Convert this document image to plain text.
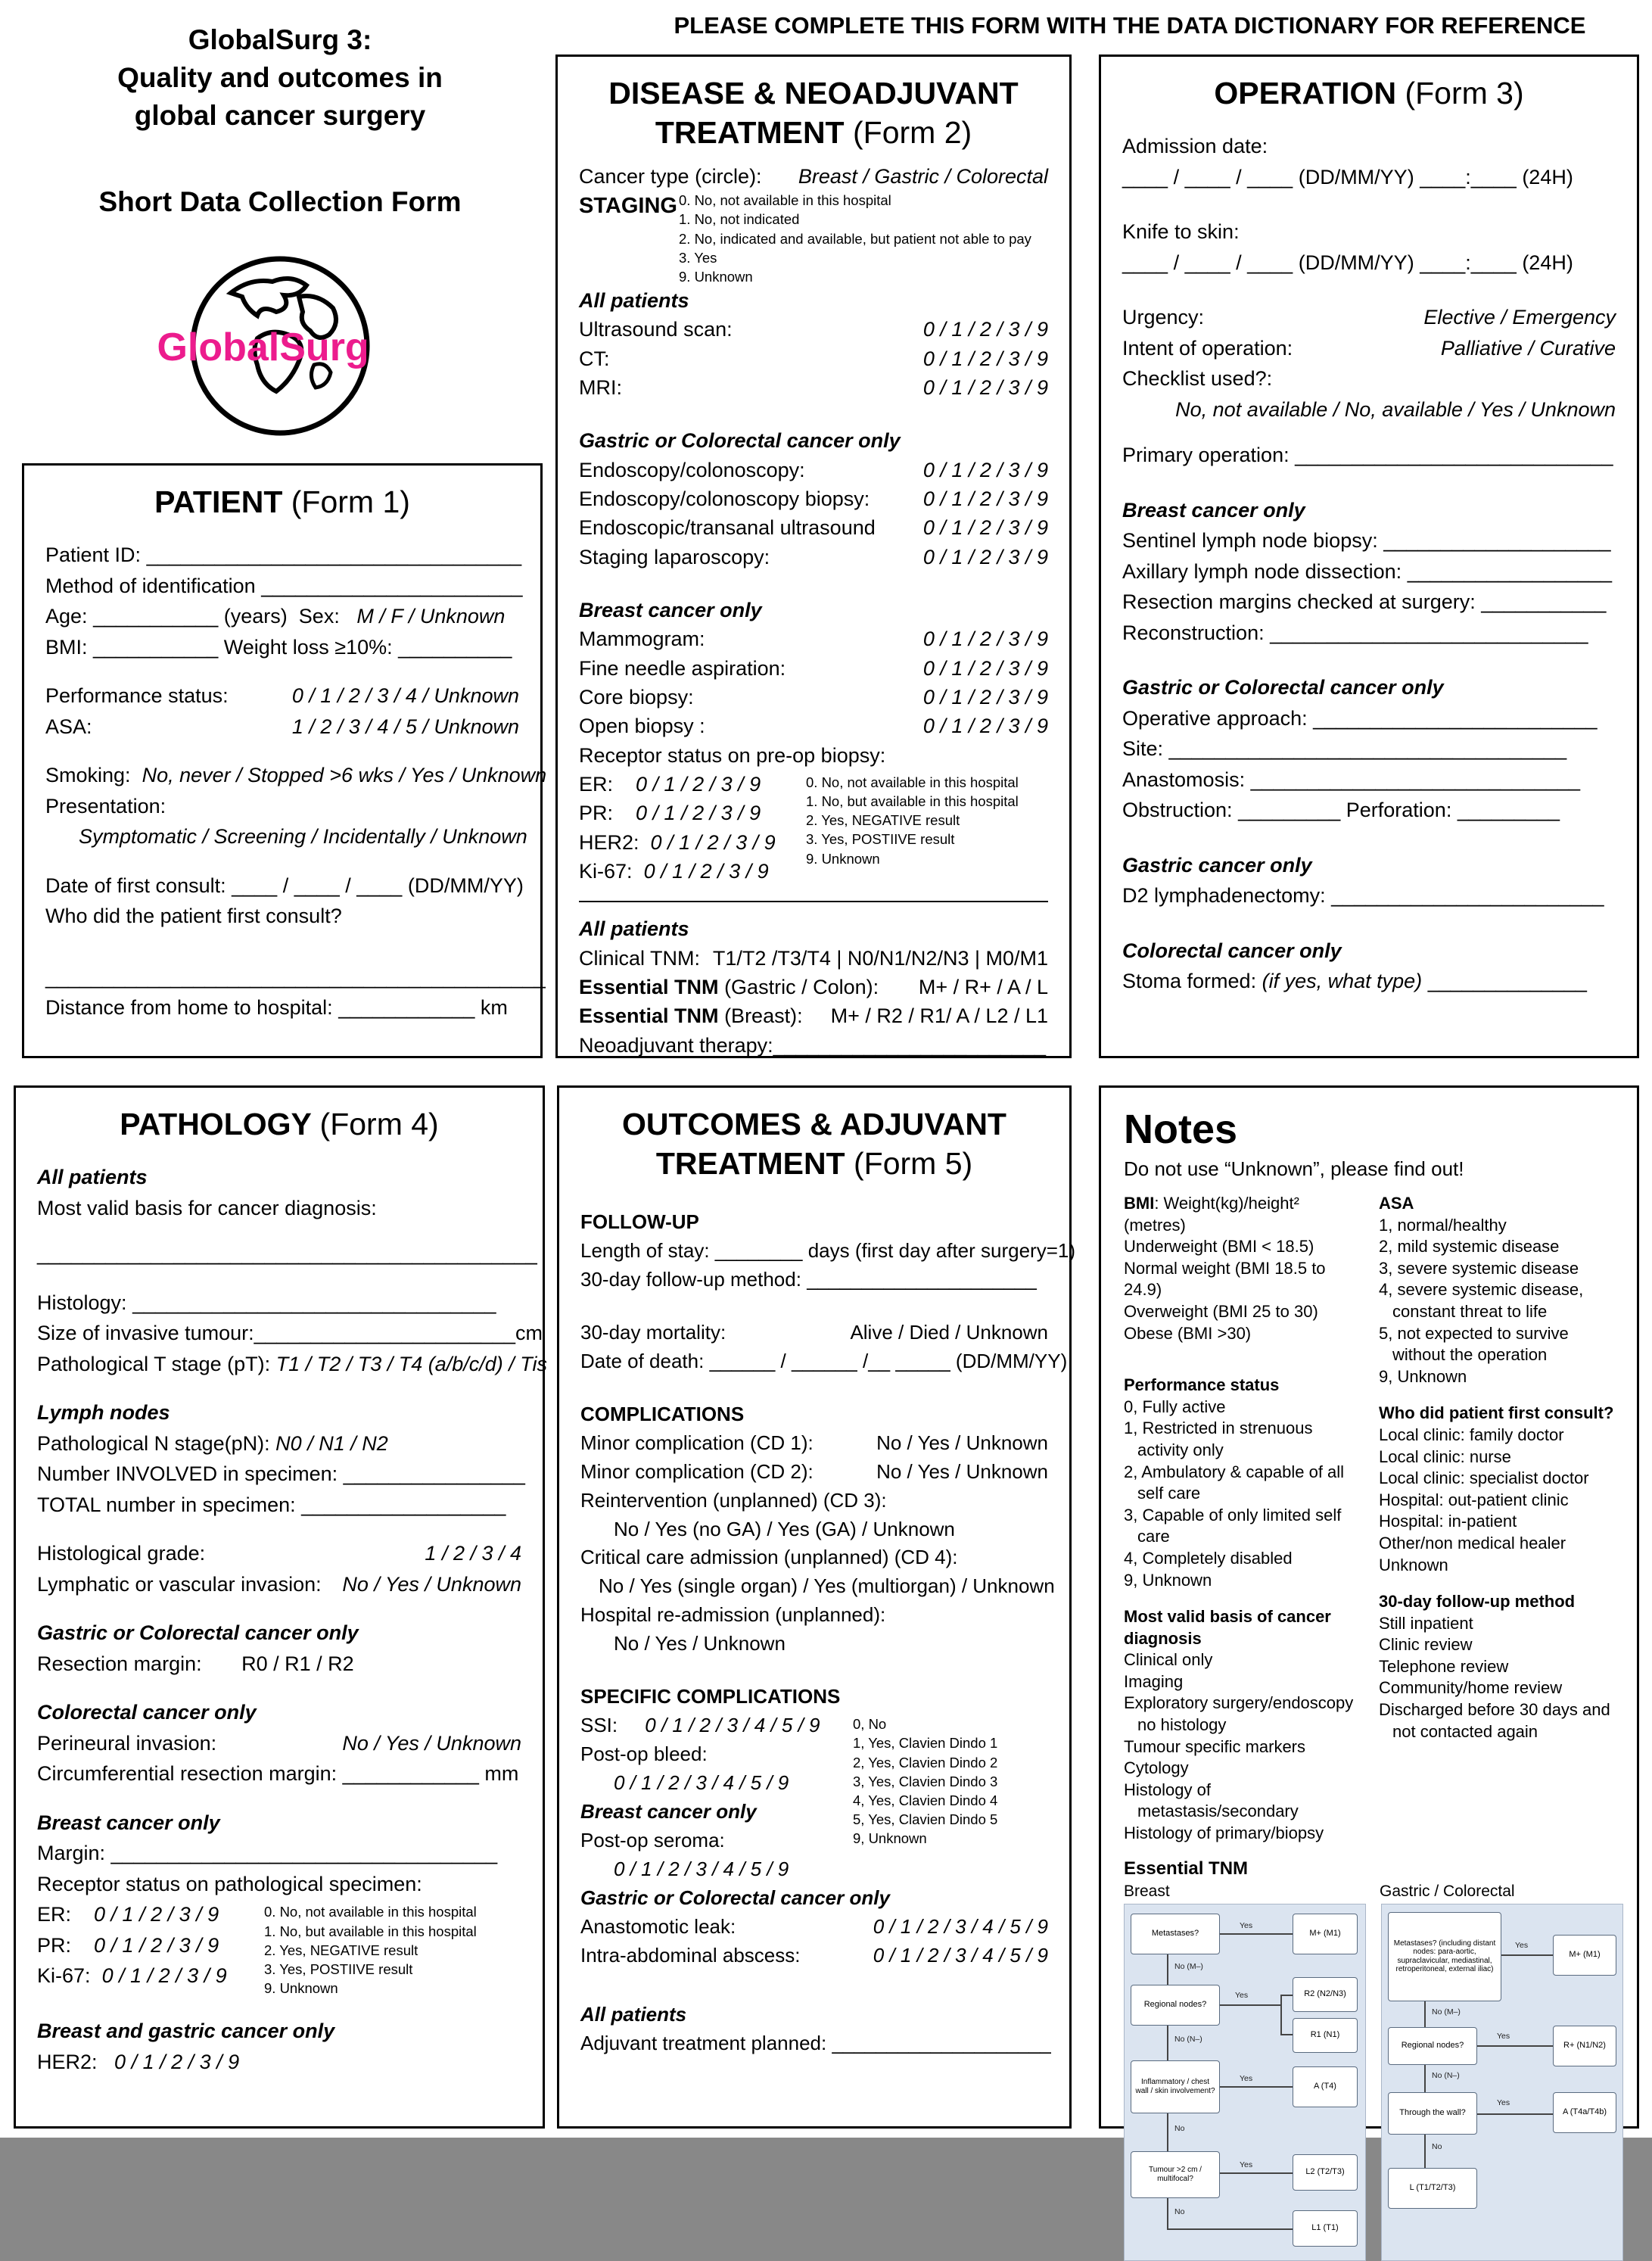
PLEASE COMPLETE THIS FORM WITH THE DATA DICTIONARY FOR REFERENCE
GlobalSurg 3:
Quality and outcomes in
global cancer surgery
Short Data Collection Form
GlobalSurg
PATIENT (Form 1)
Patient ID: _________________________________
Method of identification _______________________
Age: ___________ (years) Sex: M / F / Unknown
BMI: ___________ Weight loss ≥10%: __________
Performance status:	0 / 1 / 2 / 3 / 4 / Unknown
ASA:	1 / 2 / 3 / 4 / 5 / Unknown
Smoking: No, never / Stopped >6 wks / Yes / Unknown
Presentation:
Symptomatic / Screening / Incidentally / Unknown
Date of first consult: ____ / ____ / ____ (DD/MM/YY)
Who did the patient first consult?
____________________________________________
Distance from home to hospital: ____________ km
DISEASE & NEOADJUVANT
TREATMENT (Form 2)
Cancer type (circle): Breast / Gastric / Colorectal
STAGING 0. No, not available in this hospital
1. No, not indicated
2. No, indicated and available, but patient not able to pay
3. Yes
9. Unknown
All patients
Ultrasound scan:	0 / 1 / 2 / 3 / 9
CT:	0 / 1 / 2 / 3 / 9
MRI:	0 / 1 / 2 / 3 / 9
Gastric or Colorectal cancer only
Endoscopy/colonoscopy:	0 / 1 / 2 / 3 / 9
Endoscopy/colonoscopy biopsy:	0 / 1 / 2 / 3 / 9
Endoscopic/transanal ultrasound 0 / 1 / 2 / 3 / 9
Staging laparoscopy:	0 / 1 / 2 / 3 / 9
Breast cancer only
Mammogram:	0 / 1 / 2 / 3 / 9
Fine needle aspiration:	0 / 1 / 2 / 3 / 9
Core biopsy:	0 / 1 / 2 / 3 / 9
Open biopsy :	0 / 1 / 2 / 3 / 9
Receptor status on pre-op biopsy:
ER: 0 / 1 / 2 / 3 / 9
PR: 0 / 1 / 2 / 3 / 9
HER2: 0 / 1 / 2 / 3 / 9
Ki-67: 0 / 1 / 2 / 3 / 9
0. No, not available in this hospital
1. No, but available in this hospital
2. Yes, NEGATIVE result
3. Yes, POSTIIVE result
9. Unknown
All patients
Clinical TNM: T1/T2 /T3/T4 | N0/N1/N2/N3 | M0/M1
Essential TNM (Gastric / Colon): M+ / R+ / A / L
Essential TNM (Breast): M+ / R2 / R1/ A / L2 / L1
Neoadjuvant therapy:________________________
OPERATION (Form 3)
Admission date:
____ / ____ / ____ (DD/MM/YY) ____:____ (24H)
Knife to skin:
____ / ____ / ____ (DD/MM/YY) ____:____ (24H)
Urgency:	Elective / Emergency
Intent of operation:	Palliative / Curative
Checklist used?:
No, not available / No, available / Yes / Unknown
Primary operation: ____________________________
Breast cancer only
Sentinel lymph node biopsy: ____________________
Axillary lymph node dissection: __________________
Resection margins checked at surgery: ___________
Reconstruction: ____________________________
Gastric or Colorectal cancer only
Operative approach: _________________________
Site: ___________________________________
Anastomosis: _____________________________
Obstruction: _________ Perforation: _________
Gastric cancer only
D2 lymphadenectomy: ________________________
Colorectal cancer only
Stoma formed: (if yes, what type) ______________
PATHOLOGY (Form 4)
All patients
Most valid basis for cancer diagnosis:
____________________________________________
Histology: ________________________________
Size of invasive tumour:_______________________cm
Pathological T stage (pT): T1 / T2 / T3 / T4 (a/b/c/d) / Tis
Lymph nodes
Pathological N stage(pN): N0 / N1 / N2
Number INVOLVED in specimen: ________________
TOTAL number in specimen: __________________
Histological grade:	1 / 2 / 3 / 4
Lymphatic or vascular invasion: No / Yes / Unknown
Gastric or Colorectal cancer only
Resection margin: R0 / R1 / R2
Colorectal cancer only
Perineural invasion:	No / Yes / Unknown
Circumferential resection margin: ____________ mm
Breast cancer only
Margin: __________________________________
Receptor status on pathological specimen:
ER: 0 / 1 / 2 / 3 / 9
PR: 0 / 1 / 2 / 3 / 9
Ki-67: 0 / 1 / 2 / 3 / 9
0. No, not available in this hospital
1. No, but available in this hospital
2. Yes, NEGATIVE result
3. Yes, POSTIIVE result
9. Unknown
Breast and gastric cancer only
HER2: 0 / 1 / 2 / 3 / 9
OUTCOMES & ADJUVANT
TREATMENT (Form 5)
FOLLOW-UP
Length of stay: ________ days (first day after surgery=1)
30-day follow-up method: _____________________
30-day mortality:	Alive / Died / Unknown
Date of death: ______ / ______ /__ _____ (DD/MM/YY)
COMPLICATIONS
Minor complication (CD 1):	No / Yes / Unknown
Minor complication (CD 2):	No / Yes / Unknown
Reintervention (unplanned) (CD 3):
No / Yes (no GA) / Yes (GA) / Unknown
Critical care admission (unplanned) (CD 4):
No / Yes (single organ) / Yes (multiorgan) / Unknown
Hospital re-admission (unplanned):
No / Yes / Unknown
SPECIFIC COMPLICATIONS
SSI: 0 / 1 / 2 / 3 / 4 / 5 / 9
Post-op bleed:
0 / 1 / 2 / 3 / 4 / 5 / 9
Breast cancer only
Post-op seroma:
0 / 1 / 2 / 3 / 4 / 5 / 9
0, No
1, Yes, Clavien Dindo 1
2, Yes, Clavien Dindo 2
3, Yes, Clavien Dindo 3
4, Yes, Clavien Dindo 4
5, Yes, Clavien Dindo 5
9, Unknown
Gastric or Colorectal cancer only
Anastomotic leak:	0 / 1 / 2 / 3 / 4 / 5 / 9
Intra-abdominal abscess:	0 / 1 / 2 / 3 / 4 / 5 / 9
All patients
Adjuvant treatment planned: ____________________
Notes
Do not use “Unknown”, please find out!
BMI: Weight(kg)/height² (metres)
Underweight (BMI < 18.5)
Normal weight (BMI 18.5 to 24.9)
Overweight (BMI 25 to 30)
Obese (BMI >30)
Performance status
0, Fully active
1, Restricted in strenuous activity only
2, Ambulatory & capable of all self care
3, Capable of only limited self care
4, Completely disabled
9, Unknown
Most valid basis of cancer diagnosis
Clinical only
Imaging
Exploratory surgery/endoscopy no histology
Tumour specific markers
Cytology
Histology of metastasis/secondary
Histology of primary/biopsy
ASA
1, normal/healthy
2, mild systemic disease
3, severe systemic disease
4, severe systemic disease, constant threat to life
5, not expected to survive without the operation
9, Unknown
Who did patient first consult?
Local clinic: family doctor
Local clinic: nurse
Local clinic: specialist doctor
Hospital: out-patient clinic
Hospital: in-patient
Other/non medical healer
Unknown
30-day follow-up method
Still inpatient
Clinic review
Telephone review
Community/home review
Discharged before 30 days and not contacted again
Essential TNM
Breast	Gastric / Colorectal
Metastases?	M+ (M1)
Yes
No (M–)
Regional nodes?
R2 (N2/N3)
R1 (N1)
Yes
No (N–)
Inflammatory / chest wall / skin involvement?	A (T4)
Yes
No
Tumour >2 cm / multifocal?
L2 (T2/T3)
L1 (T1)
Yes
No
Metastases? (including distant nodes: para-aortic, supraclavicular, mediastinal, retroperitoneal, external iliac)
M+ (M1)
Yes
No (M–)
Regional nodes?	R+ (N1/N2)
Yes
No (N–)
Through the wall?	A (T4a/T4b)
Yes
No
L (T1/T2/T3)
